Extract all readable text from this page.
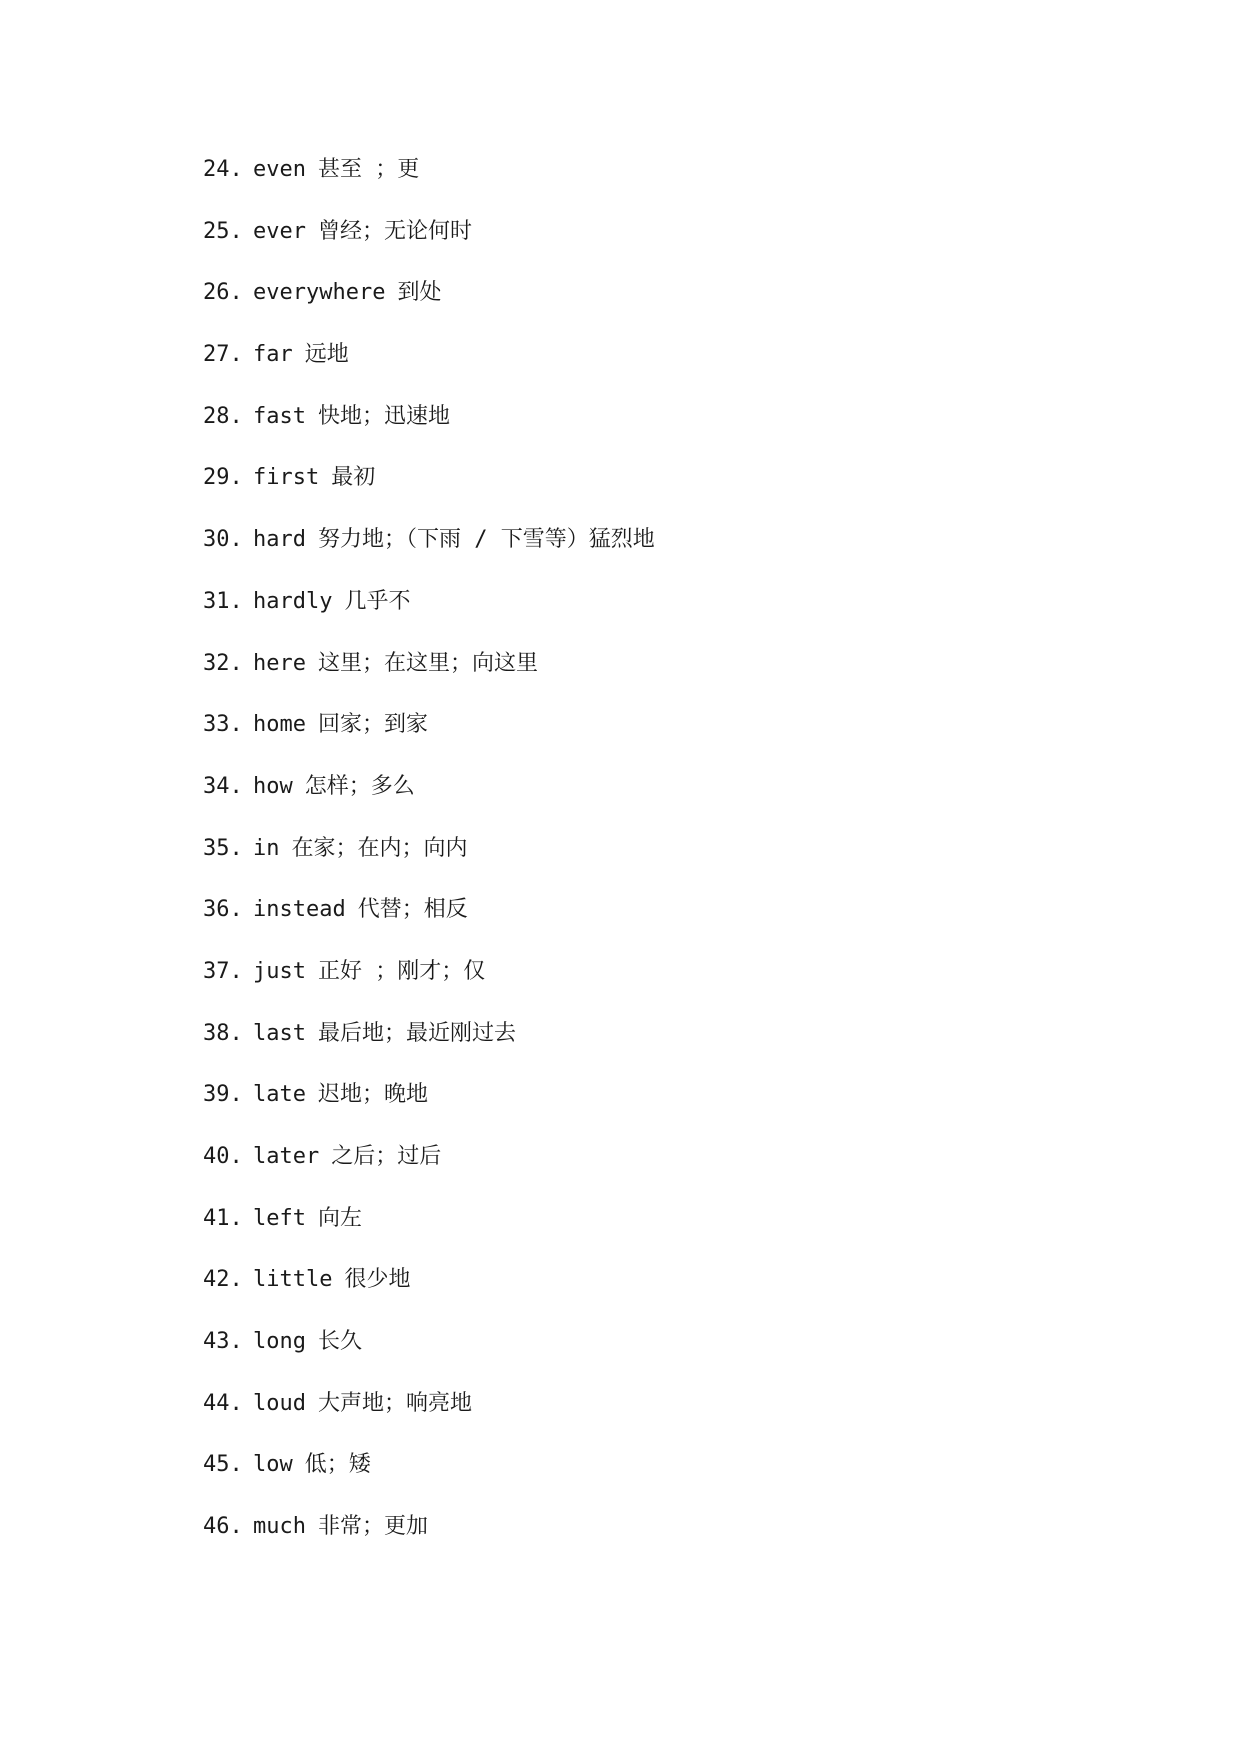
24. even 甚至 ；更
25. ever 曾经；无论何时
26. everywhere 到处
27. far 远地
28. fast 快地；迅速地
29. first 最初
30. hard 努力地；（下雨 / 下雪等）猛烈地
31. hardly 几乎不
32. here 这里；在这里；向这里
33. home 回家；到家
34. how 怎样；多么
35. in 在家；在内；向内
36. instead 代替；相反
37. just 正好 ；刚才；仅
38. last 最后地；最近刚过去
39. late 迟地；晚地
40. later 之后；过后
41. left 向左
42. little 很少地
43. long 长久
44. loud 大声地；响亮地
45. low 低；矮
46. much 非常；更加
